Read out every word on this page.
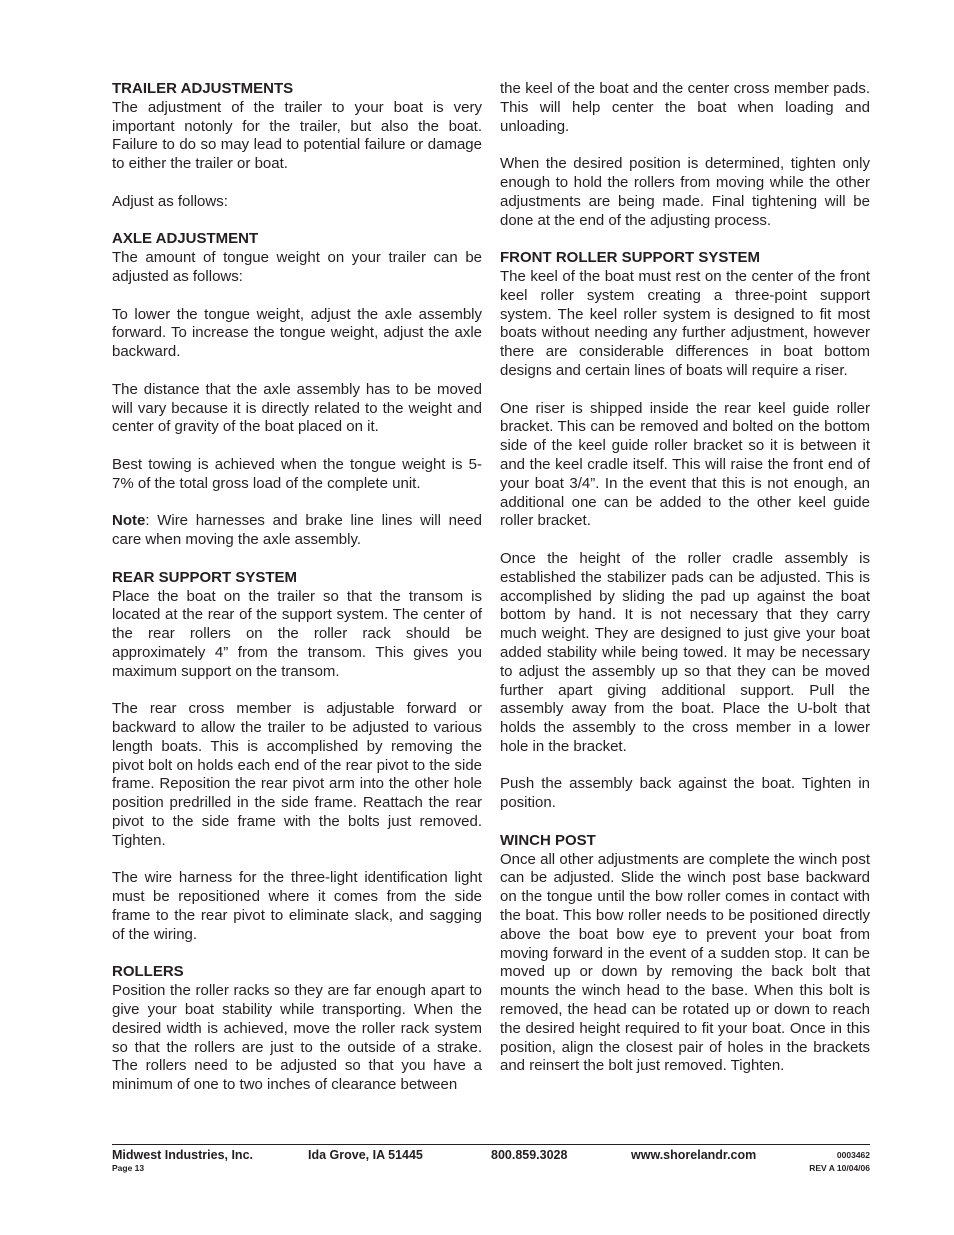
TRAILER ADJUSTMENTS

The adjustment of the trailer to your boat is very important notonly for the trailer, but also the boat. Failure to do so may lead to potential failure or damage to either the trailer or boat.

Adjust as follows:

AXLE ADJUSTMENT

The amount of tongue weight on your trailer can be adjusted as follows:

To lower the tongue weight, adjust the axle assembly forward. To increase the tongue weight, adjust the axle backward.

The distance that the axle assembly has to be moved will vary because it is directly related to the weight and center of gravity of the boat placed on it.

Best towing is achieved when the tongue weight is 5-7% of the total gross load of the complete unit.

Note: Wire harnesses and brake line lines will need care when moving the axle assembly.

REAR SUPPORT SYSTEM

Place the boat on the trailer so that the transom is located at the rear of the support system. The center of the rear rollers on the roller rack should be approximately 4” from the transom. This gives you maximum support on the transom.

The rear cross member is adjustable forward or backward to allow the trailer to be adjusted to various length boats. This is accomplished by removing the pivot bolt on holds each end of the rear pivot to the side frame. Reposition the rear pivot arm into the other hole position predrilled in the side frame. Reattach the rear pivot to the side frame with the bolts just removed. Tighten.

The wire harness for the three-light identification light must be repositioned where it comes from the side frame to the rear pivot to eliminate slack, and sagging of the wiring.

ROLLERS

Position the roller racks so they are far enough apart to give your boat stability while transporting. When the desired width is achieved, move the roller rack system so that the rollers are just to the outside of a strake. The rollers need to be adjusted so that you have a minimum of one to two inches of clearance between

the keel of the boat and the center cross member pads. This will help center the boat when loading and unloading.

When the desired position is determined, tighten only enough to hold the rollers from moving while the other adjustments are being made. Final tightening will be done at the end of the adjusting process.

FRONT ROLLER SUPPORT SYSTEM

The keel of the boat must rest on the center of the front keel roller system creating a three-point support system. The keel roller system is designed to fit most boats without needing any further adjustment, however there are considerable differences in boat bottom designs and certain lines of boats will require a riser.

One riser is shipped inside the rear keel guide roller bracket. This can be removed and bolted on the bottom side of the keel guide roller bracket so it is between it and the keel cradle itself. This will raise the front end of your boat 3/4”. In the event that this is not enough, an additional one can be added to the other keel guide roller bracket.

Once the height of the roller cradle assembly is established the stabilizer pads can be adjusted. This is accomplished by sliding the pad up against the boat bottom by hand. It is not necessary that they carry much weight. They are designed to just give your boat added stability while being towed. It may be necessary to adjust the assembly up so that they can be moved further apart giving additional support. Pull the assembly away from the boat. Place the U-bolt that holds the assembly to the cross member in a lower hole in the bracket.

Push the assembly back against the boat. Tighten in position.

WINCH POST

Once all other adjustments are complete the winch post can be adjusted. Slide the winch post base backward on the tongue until the bow roller comes in contact with the boat. This bow roller needs to be positioned directly above the boat bow eye to prevent your boat from moving forward in the event of a sudden stop. It can be moved up or down by removing the back bolt that mounts the winch head to the base. When this bolt is removed, the head can be rotated up or down to reach the desired height required to fit your boat. Once in this position, align the closest pair of holes in the brackets and reinsert the bolt just removed. Tighten.

Midwest Industries, Inc.	Ida Grove, IA 51445	800.859.3028	www.shorelandr.com	0003462
Page 13	REV A 10/04/06
